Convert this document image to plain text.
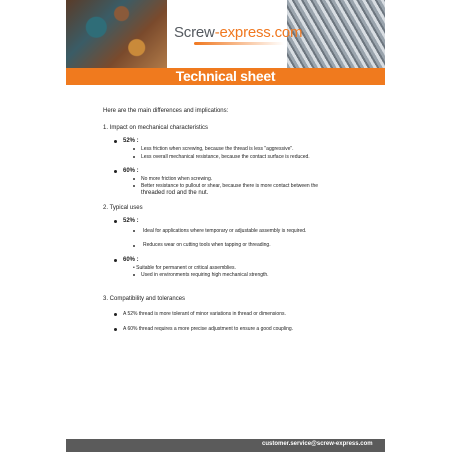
Screw-express.com
Technical sheet
Here are the main differences and implications:
1. Impact on mechanical characteristics
52% :
Less friction when screwing, because the thread is less "aggressive".
Less overall mechanical resistance, because the contact surface is reduced.
60% :
No more friction when screwing.
Better resistance to pullout or shear, because there is more contact between the
threaded rod and the nut.
2. Typical uses
52% :
Ideal for applications where temporary or adjustable assembly is required.
Reduces wear on cutting tools when tapping or threading.
60% :
• Suitable for permanent or critical assemblies.
Used in environments requiring high mechanical strength.
3. Compatibility and tolerances
A 52% thread is more tolerant of minor variations in thread or dimensions.
A 60% thread requires a more precise adjustment to ensure a good coupling.
customer.service@screw-express.com
